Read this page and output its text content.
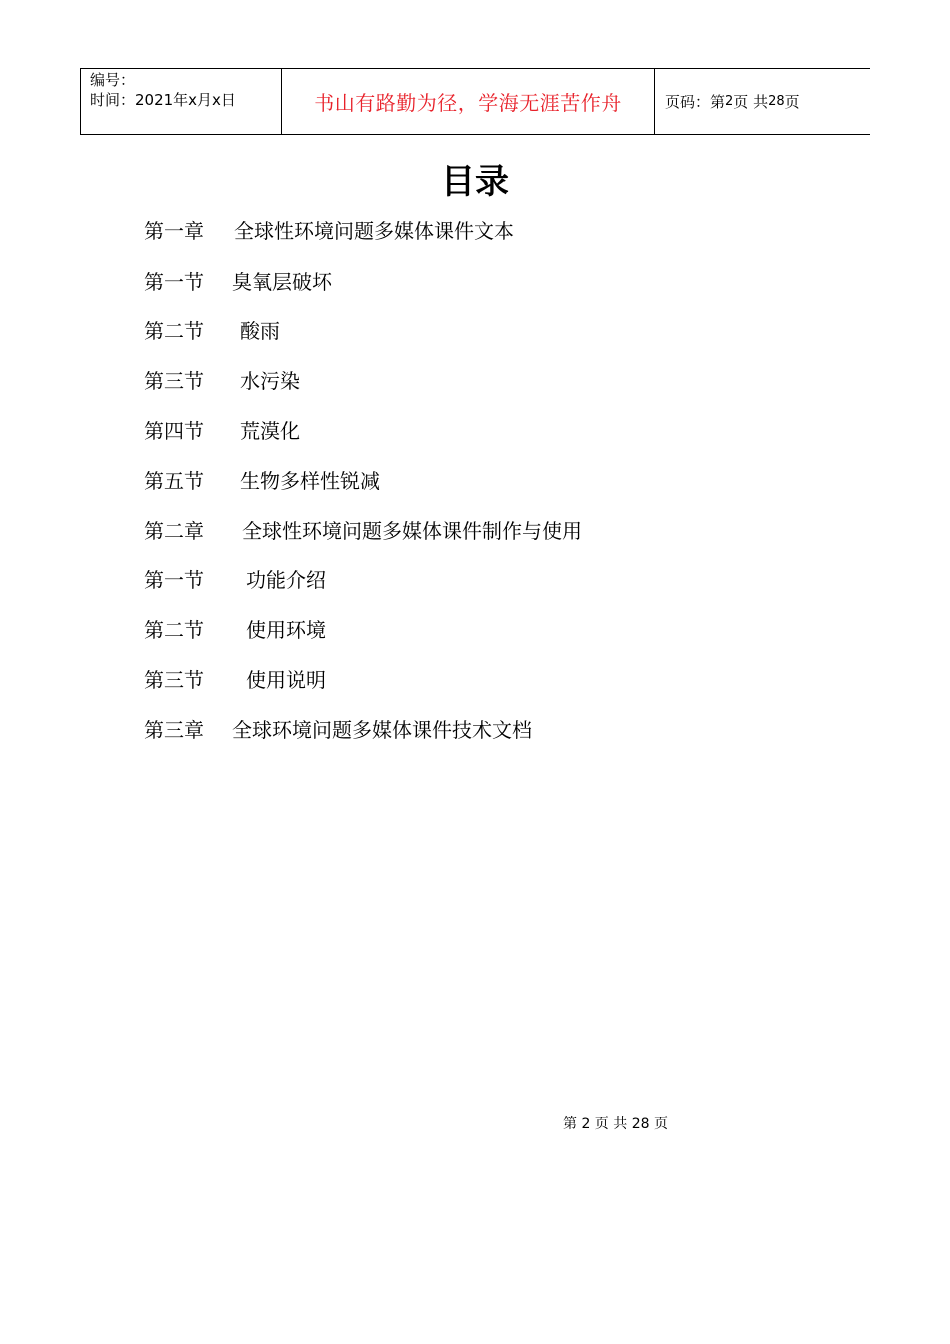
编号：
时间：2021年x月x日	书山有路勤为径，学海无涯苦作舟	页码：第 2 页 共 28 页
目录
第一章 全球性环境问题多媒体课件文本
第一节 臭氧层破坏
第二节 酸雨
第三节 水污染
第四节 荒漠化
第五节 生物多样性锐减
第二章 全球性环境问题多媒体课件制作与使用
第一节 功能介绍
第二节 使用环境
第三节 使用说明
第三章 全球环境问题多媒体课件技术文档
第 2 页 共 28 页
